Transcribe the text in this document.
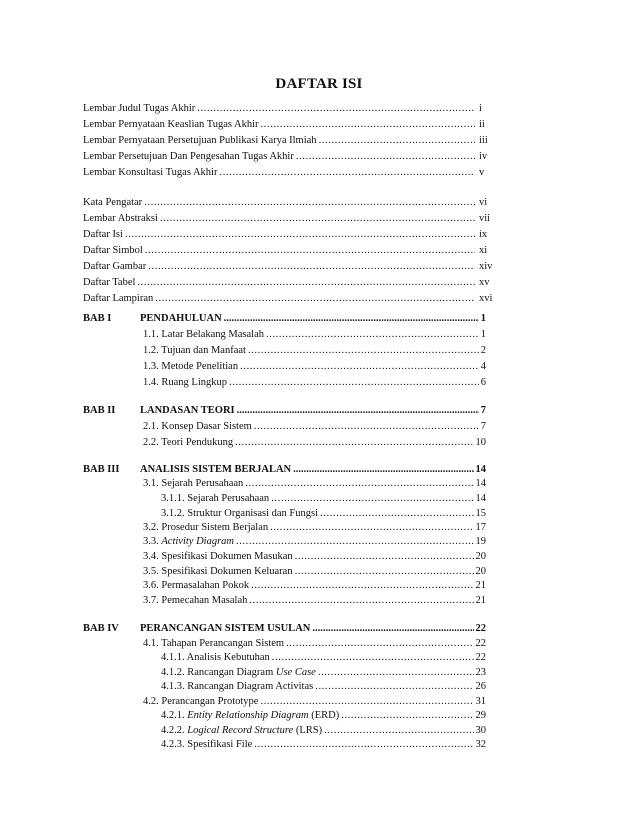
DAFTAR ISI
Lembar Judul Tugas Akhir .....	i
Lembar Pernyataan Keaslian Tugas Akhir .....	ii
Lembar Pernyataan Persetujuan Publikasi Karya Ilmiah .....	iii
Lembar Persetujuan Dan Pengesahan Tugas Akhir .....	iv
Lembar Konsultasi Tugas Akhir .....	v
Kata Pengatar .....	vi
Lembar Abstraksi .....	vii
Daftar Isi .....	ix
Daftar Simbol .....	xi
Daftar Gambar .....	xiv
Daftar Tabel .....	xv
Daftar Lampiran .....	xvi
BAB I	PENDAHULUAN .....	1
1.1. Latar Belakang Masalah .....	1
1.2. Tujuan dan Manfaat .....	2
1.3. Metode Penelitian .....	4
1.4. Ruang Lingkup .....	6
BAB II LANDASAN TEORI .....	7
2.1. Konsep Dasar Sistem .....	7
2.2. Teori Pendukung .....	10
BAB III ANALISIS SISTEM BERJALAN .....	14
3.1. Sejarah Perusahaan .....	14
3.1.1. Sejarah Perusahaan .....	14
3.1.2. Struktur Organisasi dan Fungsi .....	15
3.2. Prosedur Sistem Berjalan .....	17
3.3. Activity Diagram .....	19
3.4. Spesifikasi Dokumen Masukan .....	20
3.5. Spesifikasi Dokumen Keluaran .....	20
3.6. Permasalahan Pokok .....	21
3.7. Pemecahan Masalah .....	21
BAB IV PERANCANGAN SISTEM USULAN .....	22
4.1. Tahapan Perancangan Sistem .....	22
4.1.1. Analisis Kebutuhan .....	22
4.1.2. Rancangan Diagram Use Case .....	23
4.1.3. Rancangan Diagram Activitas .....	26
4.2. Perancangan Prototype .....	31
4.2.1. Entity Relationship Diagram (ERD) .....	29
4.2.2. Logical Record Structure (LRS) .....	30
4.2.3. Spesifikasi File .....	32
